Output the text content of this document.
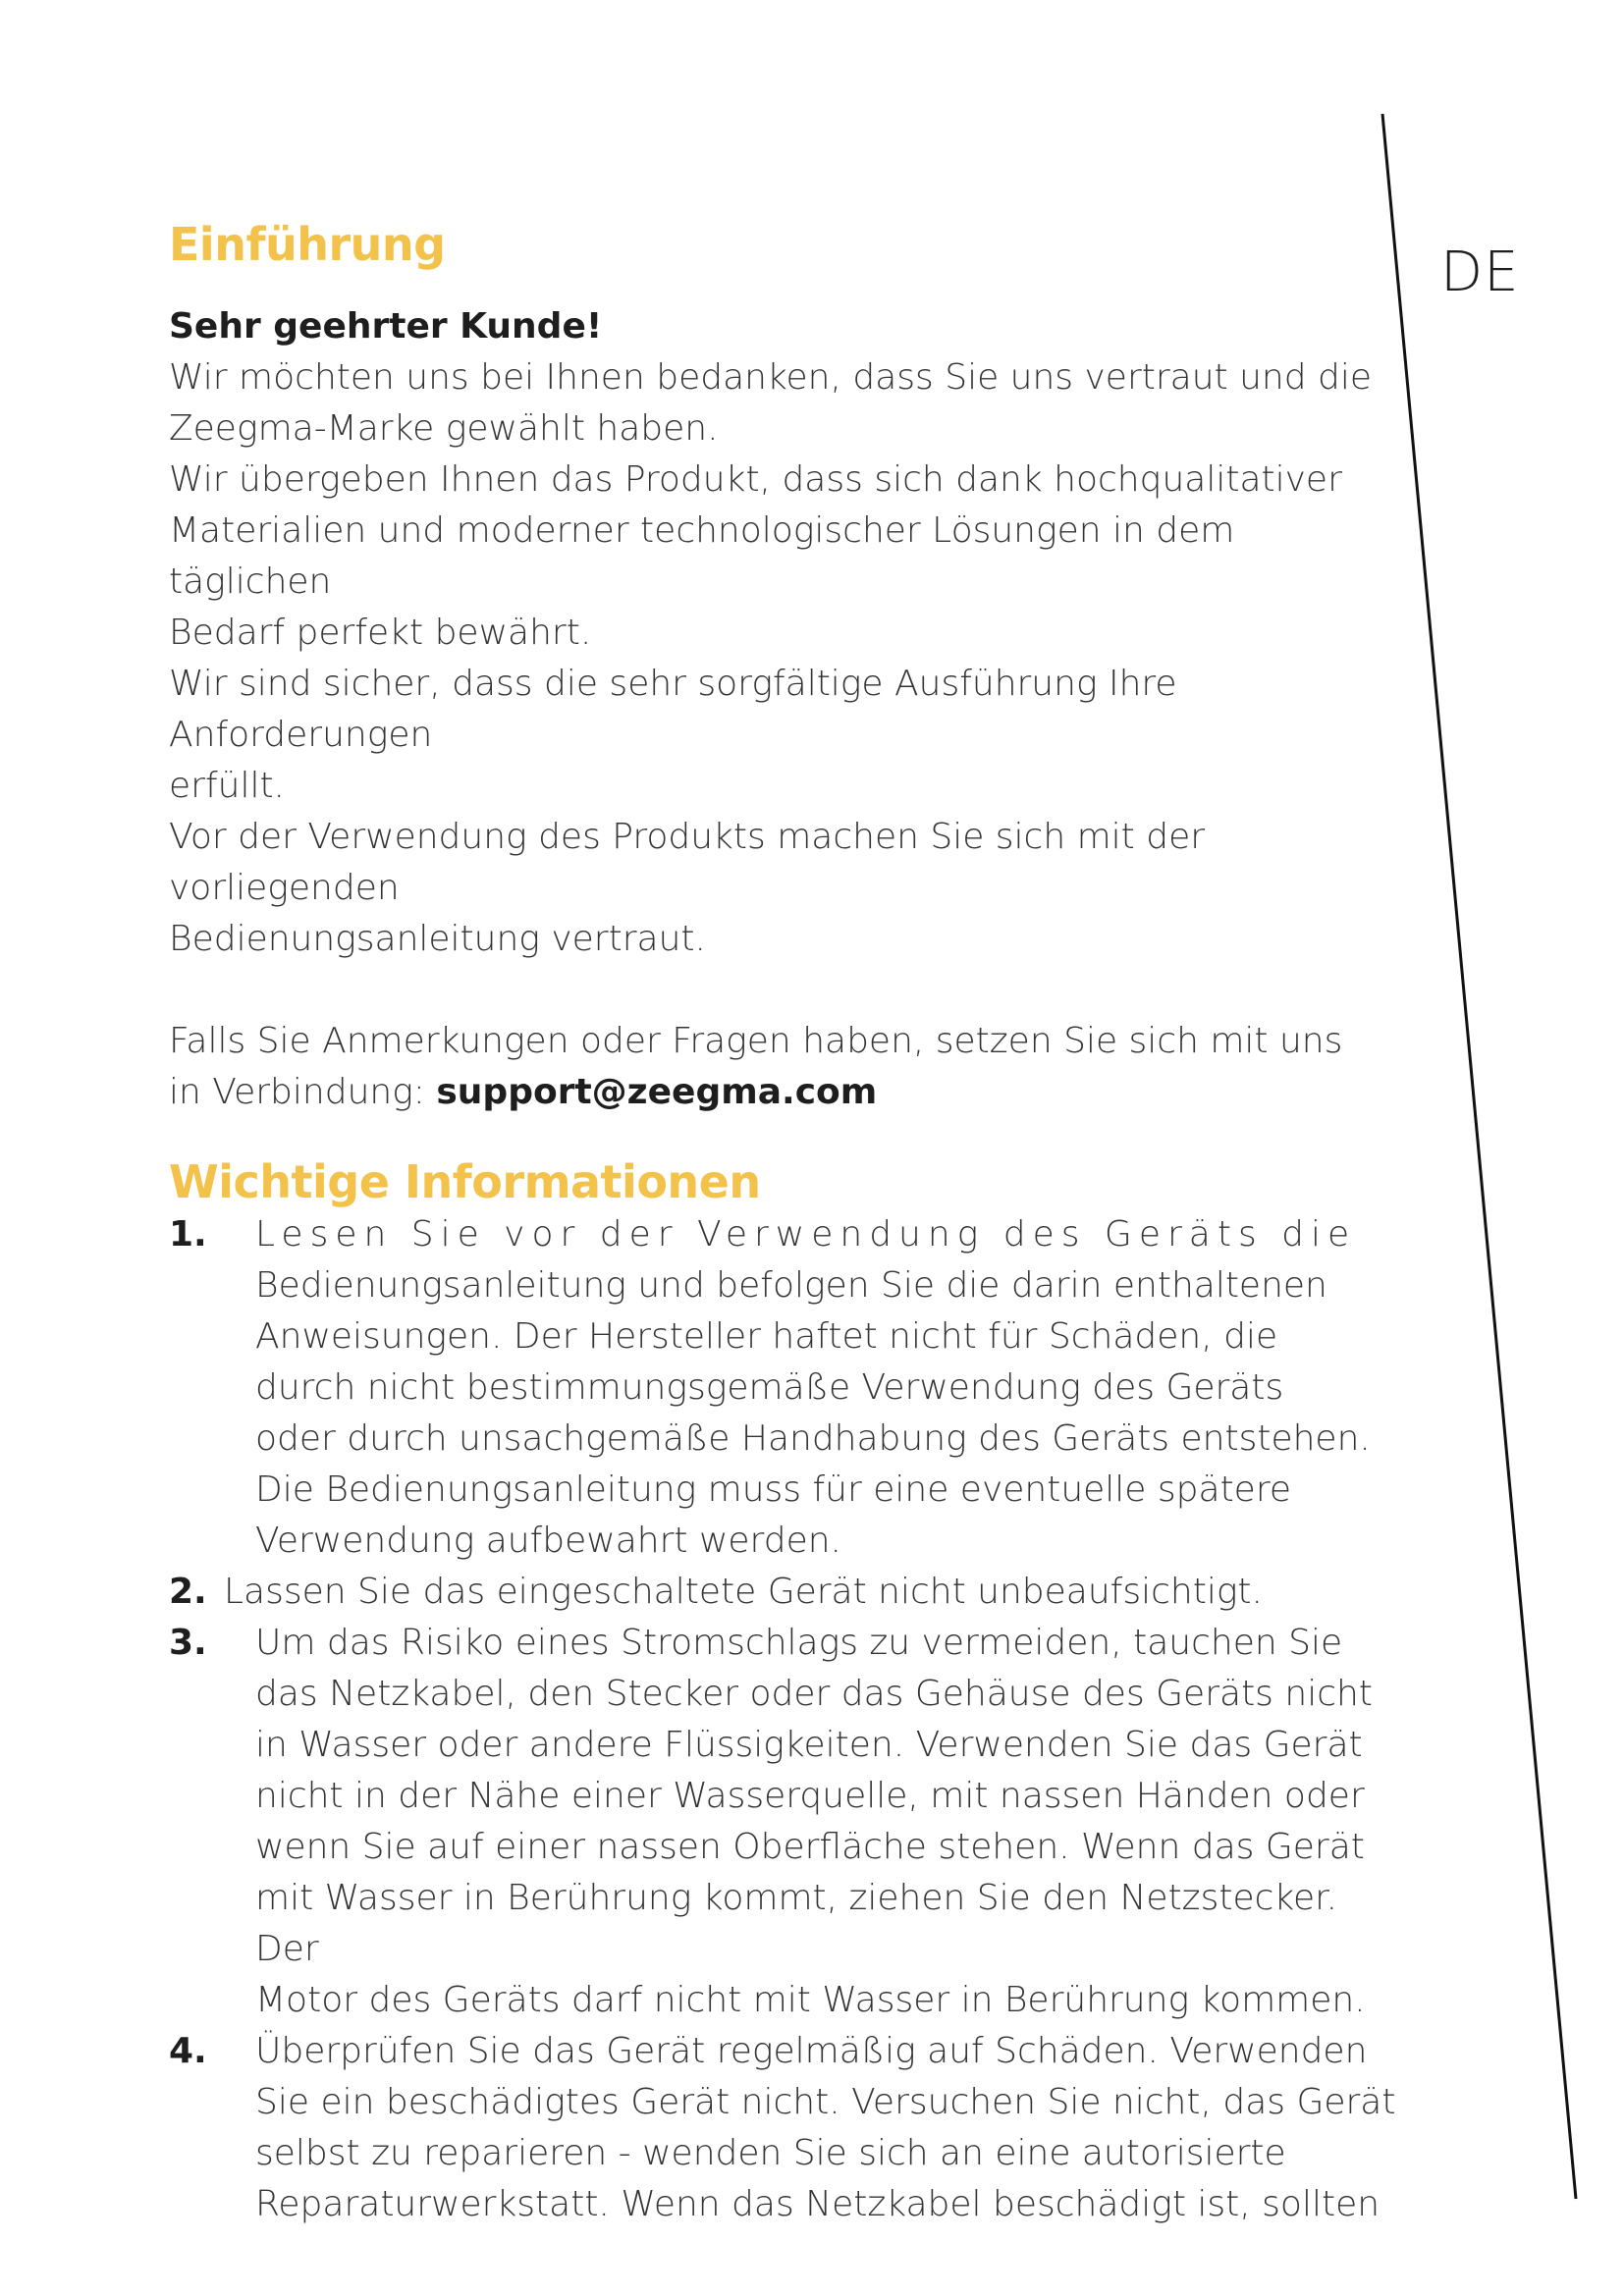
DE
Einführung

Sehr geehrter Kunde!

Wir möchten uns bei Ihnen bedanken, dass Sie uns vertraut und die

Zeegma-Marke gewählt haben.

Wir übergeben Ihnen das Produkt, dass sich dank hochqualitativer

Materialien und moderner technologischer Lösungen in dem täglichen

Bedarf perfekt bewährt.

Wir sind sicher, dass die sehr sorgfältige Ausführung Ihre Anforderungen

erfüllt.

Vor der Verwendung des Produkts machen Sie sich mit der vorliegenden

Bedienungsanleitung vertraut.

Falls Sie Anmerkungen oder Fragen haben, setzen Sie sich mit uns

in Verbindung: support@zeegma.com

Wichtige Informationen
1. Lesen Sie vor der Verwendung des Geräts die
Bedienungsanleitung und befolgen Sie die darin enthaltenen
Anweisungen. Der Hersteller haftet nicht für Schäden, die
durch nicht bestimmungsgemäße Verwendung des Geräts
oder durch unsachgemäße Handhabung des Geräts entstehen.
Die Bedienungsanleitung muss für eine eventuelle spätere
Verwendung aufbewahrt werden.
2. Lassen Sie das eingeschaltete Gerät nicht unbeaufsichtigt.
3. Um das Risiko eines Stromschlags zu vermeiden, tauchen Sie
das Netzkabel, den Stecker oder das Gehäuse des Geräts nicht
in Wasser oder andere Flüssigkeiten. Verwenden Sie das Gerät
nicht in der Nähe einer Wasserquelle, mit nassen Händen oder
wenn Sie auf einer nassen Oberfläche stehen. Wenn das Gerät
mit Wasser in Berührung kommt, ziehen Sie den Netzstecker. Der
Motor des Geräts darf nicht mit Wasser in Berührung kommen.
4. Überprüfen Sie das Gerät regelmäßig auf Schäden. Verwenden
Sie ein beschädigtes Gerät nicht. Versuchen Sie nicht, das Gerät
selbst zu reparieren - wenden Sie sich an eine autorisierte
Reparaturwerkstatt. Wenn das Netzkabel beschädigt ist, sollten
